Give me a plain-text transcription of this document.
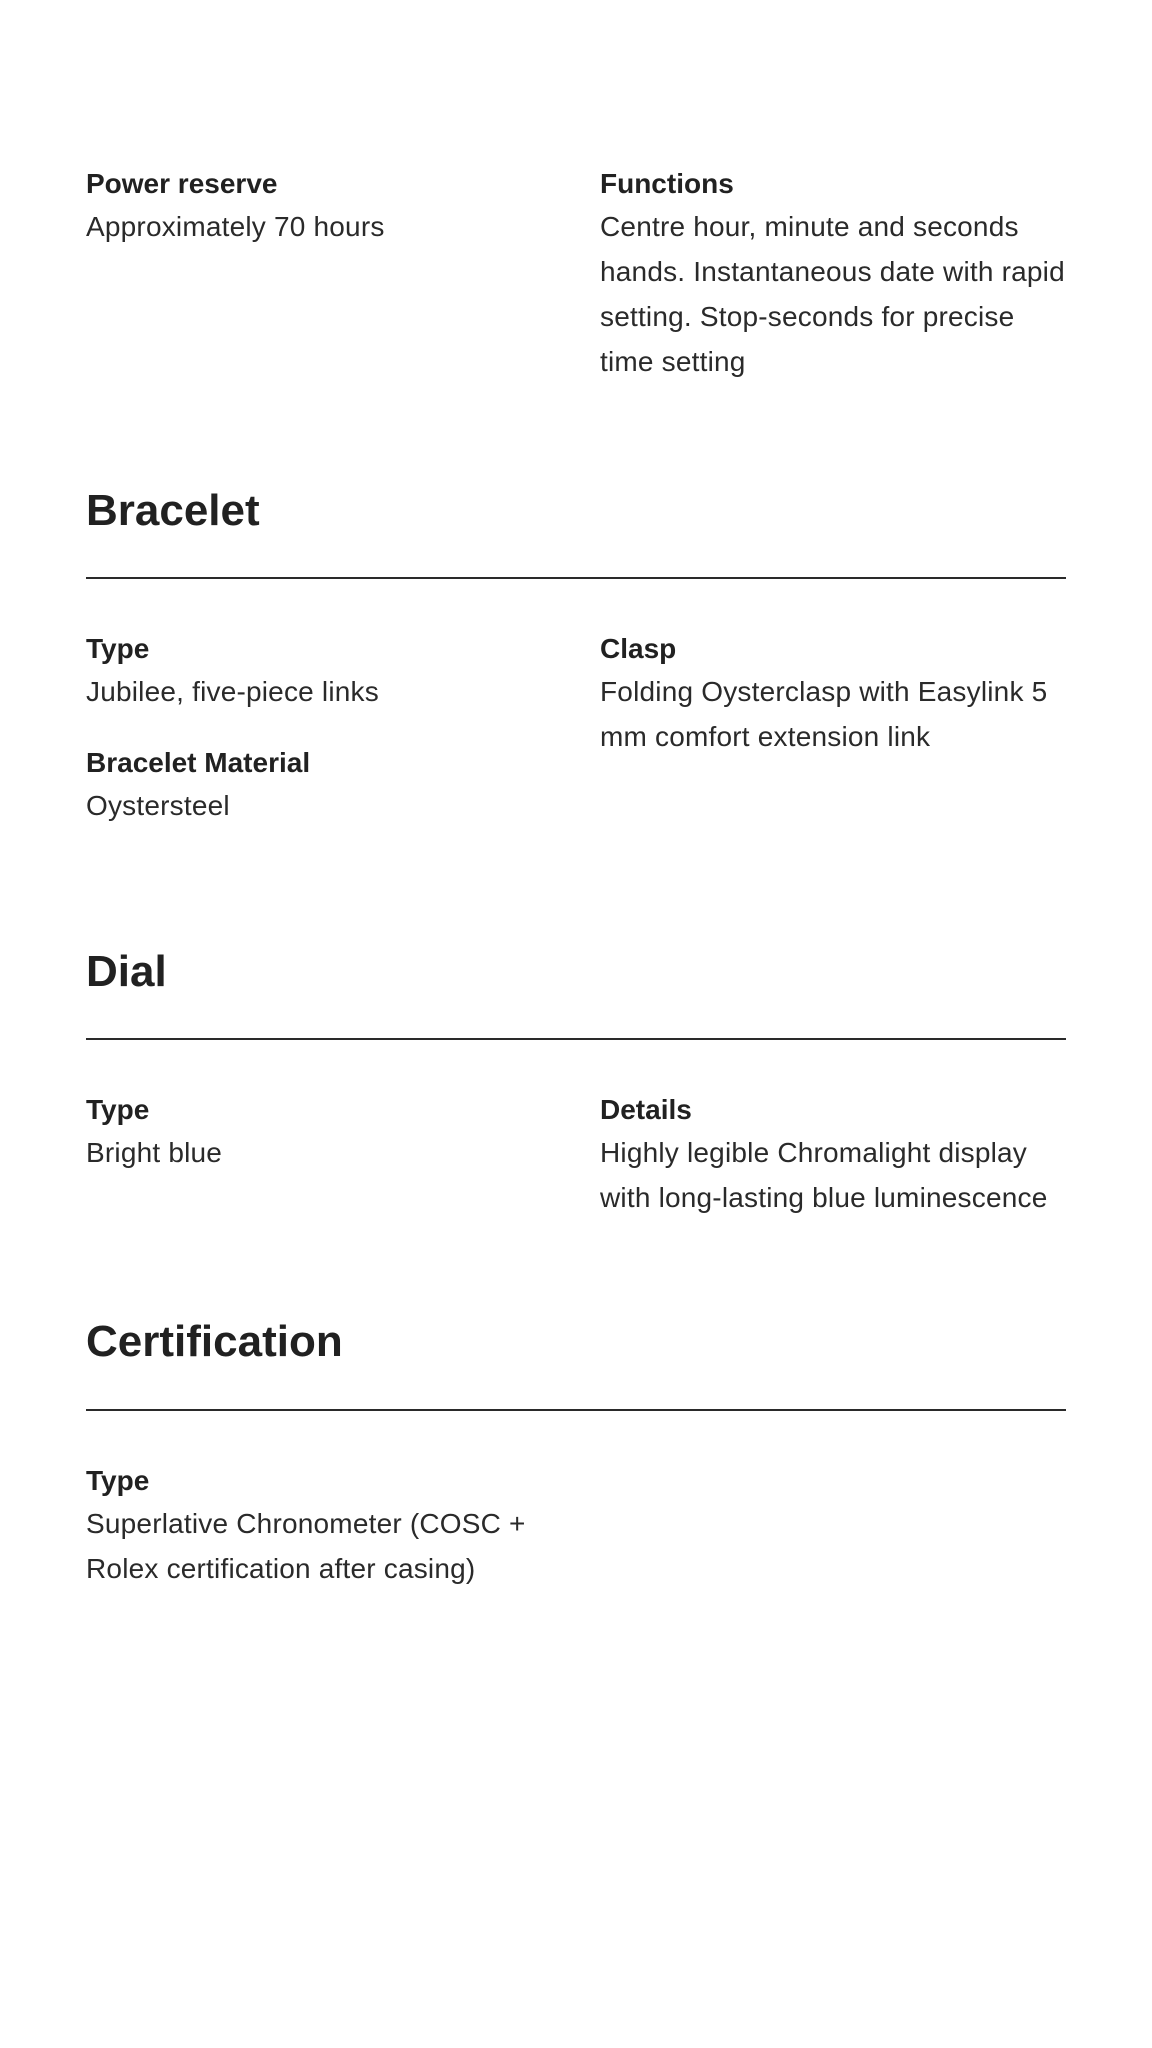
Power reserve

Approximately 70 hours

Functions

Centre hour, minute and seconds hands. Instantaneous date with rapid setting. Stop-seconds for precise time setting

Bracelet

Type

Jubilee, five-piece links

Bracelet Material

Oystersteel

Clasp

Folding Oysterclasp with Easylink 5 mm comfort extension link

Dial

Type

Bright blue

Details

Highly legible Chromalight display with long-lasting blue luminescence

Certification

Type

Superlative Chronometer (COSC + Rolex certification after casing)
